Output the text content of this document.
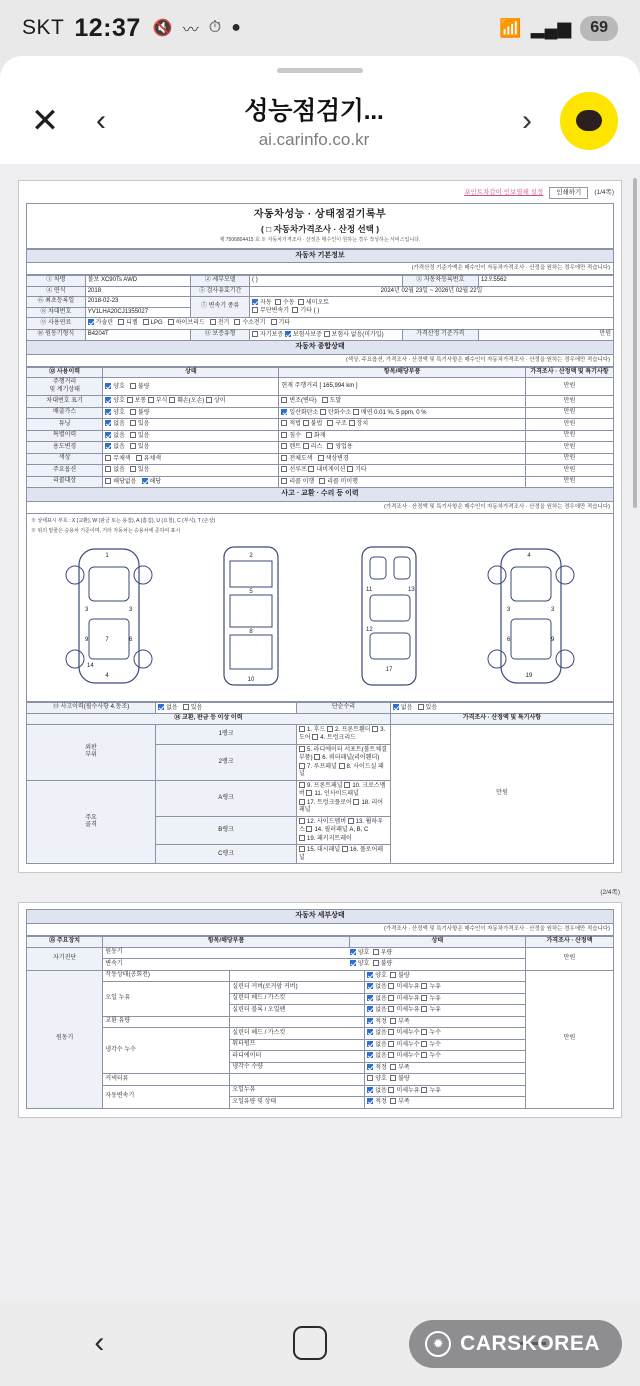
SKT 12:37 🔇 〰 ⏱ ●	📶 ▂▄▆	69
✕ ‹	성능점검기...
ai.carinfo.co.kr
›
포인트차감이 인보열해 설정	인쇄하기	(1/4쪽)
자동차성능 · 상태점검기록부
( □ 자동차가격조사 · 산정 선택 )
제 7506804415 호 ※ 자동차가격조사 · 산정은 매수인이 원하는 경우 작성하는 서비스입니다.
자동차 기본정보
(가격산정 기준가액은 매수인이 자동차가격조사 · 산정을 원하는 경우에만 적습니다)
① 차명	볼보 XC90Ts AWD	② 세부모델	( )	③ 자동차등록번호	12오5562
④ 연식	2018	⑤ 검사유효기간	2024년 02월 23일 ~ 2026년 02월 22일		
⑥ 최초등록일	2018-02-23	⑦ 변속기 종류	자동 수동 세미오토
무단변속기 기타 ( )		
⑧ 차대번호	YV1LHA20CJ1355027				
⑨ 사용연료	가솔린 디젤 LPG 하이브리드 전기 수소전기 기타				
⑩ 원동기형식	B4204T	⑪ 보증유형	자기보증 보험사보증 보험사 없음(미가입)	가격산정 기준가격	만원
자동차 종합상태
(색상, 주요옵션, 가격조사 · 산정액 및 특기사항은 매수인이 자동차가격조사 · 산정을 원하는 경우에만 적습니다)
⑫ 사용이력	상태	항목/해당부품	가격조사 · 산정액 및 특기사항
주행거리
및 계기상태	양호 불량	현재 주행거리 [ 165,994 km ]	만원
차대번호 표기	양호 보통 부식 훼손(오손) 상이	변조(변타) 도말	만원
배출가스	양호 불량	일산화탄소 탄화수소 매연 0.01 %, 5 ppm, 0 %	만원
튜닝	없음 있음	적법 불법 구조 장치	만원
특별이력	없음 있음	침수 화재	만원
용도변경	없음 있음	렌트 리스 영업용	만원
색상	무채색 유채색	전체도색 색상변경	만원
주요옵션	없음 있음	선루프 내비게이션 기타	만원
리콜대상	해당없음 해당	리콜 이행 리콜 미이행	만원
사고 · 교환 · 수리 등 이력
(가격조사 · 산정액 및 특기사항은 매수인이 자동차가격조사 · 산정을 원하는 경우에만 적습니다)
※ 상태표시 부호 : X (교환), W (판금 또는 용접), A (흠집), U (요철), C (부식), T (손상)
※ 위의 밑줄은 승용차 기준이며, 기타 자동차는 승용차에 준하여 표시
1
3	3
9	6
7
4
14
2
5
8
10
11	13
12
17
4
3	3
6	9
19
⑬ 사고이력(필수사항 4.동조)	없음 있음	단순수리	없음 있음
⑭ 교환, 판금 등 이상 이력			가격조사 · 산정액 및 특기사항
외판
부위	1랭크	1. 후드 2. 프론트휀더 3. 도어 4. 트렁크리드	만원
	2랭크	5. 라디에이터 서포트(볼트체결부품) 6. 쿼터패널(리어휀더)
7. 루프패널 8. 사이드실 패널	
주요
골격	A랭크	9. 프론트패널 10. 크로스멤버 11. 인사이드패널
17. 트렁크플로어 18. 리어패널	
	B랭크	12. 사이드멤버 13. 휠하우스 14. 필러패널 A, B, C
19. 패키지트레이	
	C랭크	15. 대시패널 16. 플로어패널	
(2/4쪽)
자동차 세부상태
(가격조사 · 산정액 및 특기사항은 매수인이 자동차가격조사 · 산정을 원하는 경우에만 적습니다)
⑮ 주요장치	항목/해당부품	상태	가격조사 · 산정액
자기진단	
원동기	양호 우량
	만원

변속기	양호 불량

원동기	
작동상태(공회전)		양호 불량
오일 누유	실린더 커버(로커암 커버)	없음 미세누유 누유
실린더 헤드 / 가스킷	없음 미세누유 누유
실린더 블록 / 오일팬	없음 미세누유 누유
교환 유량		적정 부족
냉각수 누수	실린더 헤드 / 가스킷	없음 미세누수 누수
워터펌프	없음 미세누수 누수
라디에이터	없음 미세누수 누수
냉각수 수량	적정 부족
커넥터류		양호 불량
자동변속기	오일누유	없음 미세누유 누유
오일유량 및 상태	적정 부족
	만원
‹	✹ CARSKOREA
